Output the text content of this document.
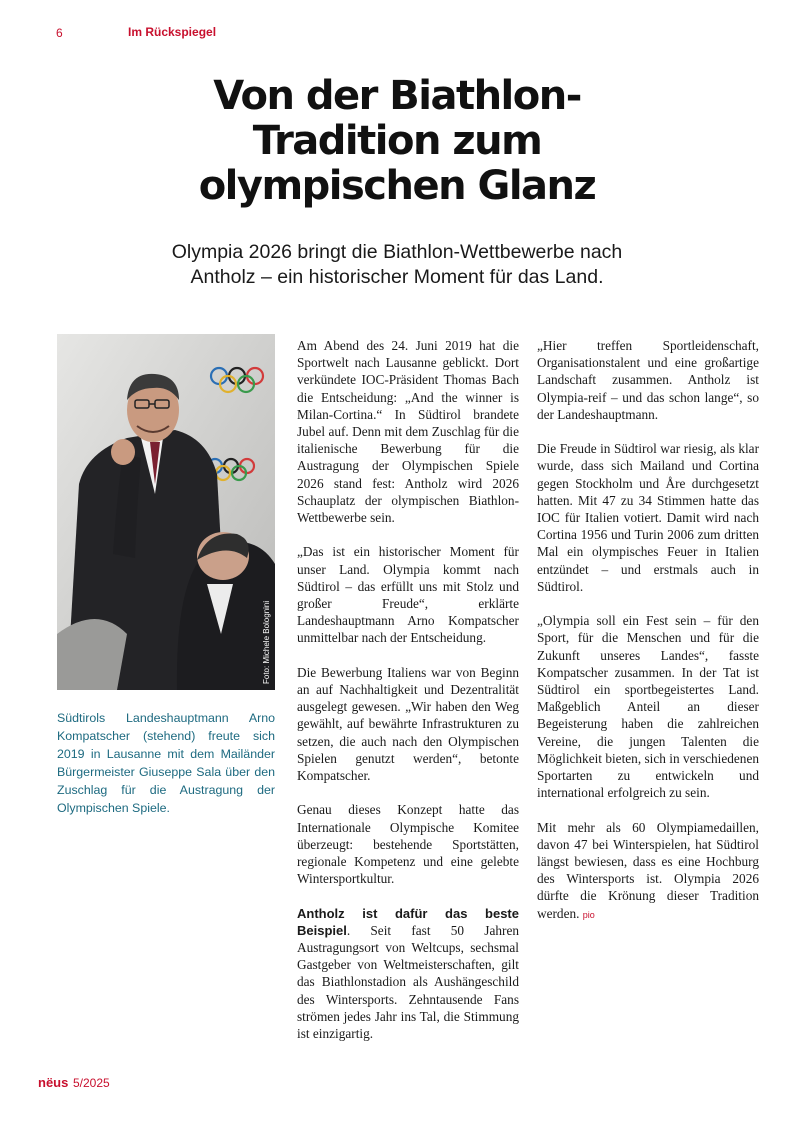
6	Im Rückspiegel
Von der Biathlon-
Tradition zum
olympischen Glanz

Olympia 2026 bringt die Biathlon-Wettbewerbe nach
Antholz – ein historischer Moment für das Land.

Foto: Michele Bolognini

Südtirols Landeshauptmann Arno Kompatscher (stehend) freute sich 2019 in Lausanne mit dem Mailänder Bürgermeister Giuseppe Sala über den Zuschlag für die Austragung der Olympischen Spiele.

Am Abend des 24. Juni 2019 hat die Sportwelt nach Lausanne geblickt. Dort verkündete IOC-Präsident Thomas Bach die Entscheidung: „And the winner is Milan-Cortina.“ In Südtirol brandete Jubel auf. Denn mit dem Zuschlag für die italienische Bewerbung für die Austragung der Olympischen Spiele 2026 stand fest: Antholz wird 2026 Schauplatz der olympischen Biathlon-Wettbewerbe sein.

„Das ist ein historischer Moment für unser Land. Olympia kommt nach Südtirol – das erfüllt uns mit Stolz und großer Freude“, erklärte Landeshauptmann Arno Kompatscher unmittelbar nach der Entscheidung.

Die Bewerbung Italiens war von Beginn an auf Nachhaltigkeit und Dezentralität ausgelegt gewesen. „Wir haben den Weg gewählt, auf bewährte Infrastrukturen zu setzen, die auch nach den Olympischen Spielen genutzt werden“, betonte Kompatscher.

Genau dieses Konzept hatte das Internationale Olympische Komitee überzeugt: bestehende Sportstätten, regionale Kompetenz und eine gelebte Wintersportkultur.

Antholz ist dafür das beste Beispiel. Seit fast 50 Jahren Austragungsort von Weltcups, sechsmal Gastgeber von Weltmeisterschaften, gilt das Biathlonstadion als Aushängeschild des Wintersports. Zehntausende Fans strömen jedes Jahr ins Tal, die Stimmung ist einzigartig.

„Hier treffen Sportleidenschaft, Organisationstalent und eine großartige Landschaft zusammen. Antholz ist Olympia-reif – und das schon lange“, so der Landeshauptmann.

Die Freude in Südtirol war riesig, als klar wurde, dass sich Mailand und Cortina gegen Stockholm und Åre durchgesetzt hatten. Mit 47 zu 34 Stimmen hatte das IOC für Italien votiert. Damit wird nach Cortina 1956 und Turin 2006 zum dritten Mal ein olympisches Feuer in Italien entzündet – und erstmals auch in Südtirol.

„Olympia soll ein Fest sein – für den Sport, für die Menschen und für die Zukunft unseres Landes“, fasste Kompatscher zusammen. In der Tat ist Südtirol ein sportbegeistertes Land. Maßgeblich Anteil an dieser Begeisterung haben die zahlreichen Vereine, die jungen Talenten die Möglichkeit bieten, sich in verschiedenen Sportarten zu entwickeln und international erfolgreich zu sein.

Mit mehr als 60 Olympiamedaillen, davon 47 bei Winterspielen, hat Südtirol längst bewiesen, dass es eine Hochburg des Wintersports ist. Olympia 2026 dürfte die Krönung dieser Tradition werden. pio

nëus 5/2025
